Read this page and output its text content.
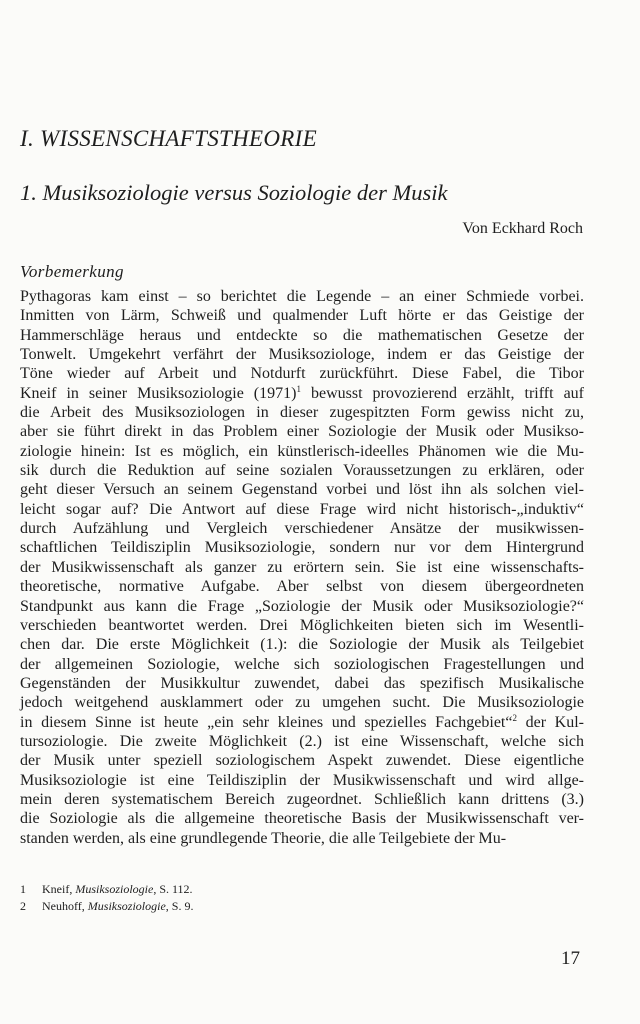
I. WISSENSCHAFTSTHEORIE
1. Musiksoziologie versus Soziologie der Musik

Von Eckhard Roch

Vorbemerkung

Pythagoras kam einst – so berichtet die Legende – an einer Schmiede vorbei.
Inmitten von Lärm, Schweiß und qualmender Luft hörte er das Geistige der
Hammerschläge heraus und entdeckte so die mathematischen Gesetze der
Tonwelt. Umgekehrt verfährt der Musiksoziologe, indem er das Geistige der
Töne wieder auf Arbeit und Notdurft zurückführt. Diese Fabel, die Tibor
Kneif in seiner Musiksoziologie $(1971)^1$ bewusst provozierend erzählt, trifft auf
die Arbeit des Musiksoziologen in dieser zugespitzten Form gewiss nicht zu,
aber sie führt direkt in das Problem einer Soziologie der Musik oder Musikso-
ziologie hinein: Ist es möglich, ein künstlerisch-ideelles Phänomen wie die Mu-
sik durch die Reduktion auf seine sozialen Voraussetzungen zu erklären, oder
geht dieser Versuch an seinem Gegenstand vorbei und löst ihn als solchen viel-
leicht sogar auf? Die Antwort auf diese Frage wird nicht historisch-„induktiv“
durch Aufzählung und Vergleich verschiedener Ansätze der musikwissen-
schaftlichen Teildisziplin Musiksoziologie, sondern nur vor dem Hintergrund
der Musikwissenschaft als ganzer zu erörtern sein. Sie ist eine wissenschafts-
theoretische, normative Aufgabe. Aber selbst von diesem übergeordneten
Standpunkt aus kann die Frage „Soziologie der Musik oder Musiksoziologie?“
verschieden beantwortet werden. Drei Möglichkeiten bieten sich im Wesentli-
chen dar. Die erste Möglichkeit (1.): die Soziologie der Musik als Teilgebiet
der allgemeinen Soziologie, welche sich soziologischen Fragestellungen und
Gegenständen der Musikkultur zuwendet, dabei das spezifisch Musikalische
jedoch weitgehend ausklammert oder zu umgehen sucht. Die Musiksoziologie
in diesem Sinne ist heute „ein sehr kleines und spezielles Fachgebiet“$^2$ der Kul-
tursoziologie. Die zweite Möglichkeit (2.) ist eine Wissenschaft, welche sich
der Musik unter speziell soziologischem Aspekt zuwendet. Diese eigentliche
Musiksoziologie ist eine Teildisziplin der Musikwissenschaft und wird allge-
mein deren systematischem Bereich zugeordnet. Schließlich kann drittens (3.)
die Soziologie als die allgemeine theoretische Basis der Musikwissenschaft ver-
standen werden, als eine grundlegende Theorie, die alle Teilgebiete der Mu-
1 Kneif, Musiksoziologie, S. 112.
2 Neuhoff, Musiksoziologie, S. 9.
17
